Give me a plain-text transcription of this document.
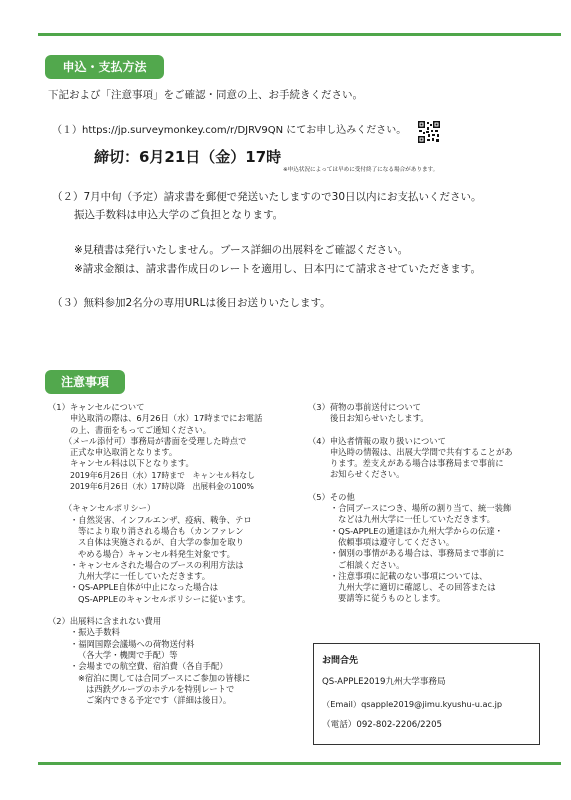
申込・支払方法
下記および「注意事項」をご確認・同意の上、お手続きください。
（１）https://jp.surveymonkey.com/r/DJRV9QN にてお申し込みください。
締切：6月21日（金）17時
※申込状況によっては早めに受付終了になる場合があります。
（２）7月中旬（予定）請求書を郵便で発送いたしますので30日以内にお支払いください。
振込手数料は申込大学のご負担となります。
※見積書は発行いたしません。ブース詳細の出展料をご確認ください。
※請求金額は、請求書作成日のレートを適用し、日本円にて請求させていただきます。
（３）無料参加2名分の専用URLは後日お送りいたします。
注意事項
（1）キャンセルについて
申込取消の際は、6月26日（水）17時までにお電話
の上、書面をもってご通知ください。
（メール添付可）事務局が書面を受理した時点で
正式な申込取消となります。
キャンセル料は以下となります。
2019年6月26日（水）17時まで　キャンセル料なし
2019年6月26日（水）17時以降　出展料金の100%
（キャンセルポリシー）
・自然災害、インフルエンザ、疫病、戦争、テロ
等により取り消される場合も（カンファレン
ス自体は実施されるが、自大学の参加を取り
やめる場合）キャンセル料発生対象です。
・キャンセルされた場合のブースの利用方法は
九州大学に一任していただきます。
・QS-APPLE自体が中止になった場合は
QS-APPLEのキャンセルポリシーに従います。
（2）出展料に含まれない費用
・振込手数料
・福岡国際会議場への荷物送付料
（各大学・機関で手配）等
・会場までの航空費、宿泊費（各自手配）
※宿泊に関しては合同ブースにご参加の皆様に
は西鉄グループのホテルを特別レートで
ご案内できる予定です（詳細は後日）。
（3）荷物の事前送付について
後日お知らせいたします。
（4）申込者情報の取り扱いについて
申込時の情報は、出展大学間で共有することがあ
ります。差支えがある場合は事務局まで事前に
お知らせください。
（5）その他
・合同ブースにつき、場所の割り当て、統一装飾
などは九州大学に一任していただきます。
・QS-APPLEの通達ほか九州大学からの伝達・
依頼事項は遵守してください。
・個別の事情がある場合は、事務局まで事前に
ご相談ください。
・注意事項に記載のない事項については、
九州大学に適切に確認し、その回答または
要請等に従うものとします。
お問合先
QS-APPLE2019九州大学事務局
（Email）qsapple2019@jimu.kyushu-u.ac.jp
（電話）092-802-2206/2205
